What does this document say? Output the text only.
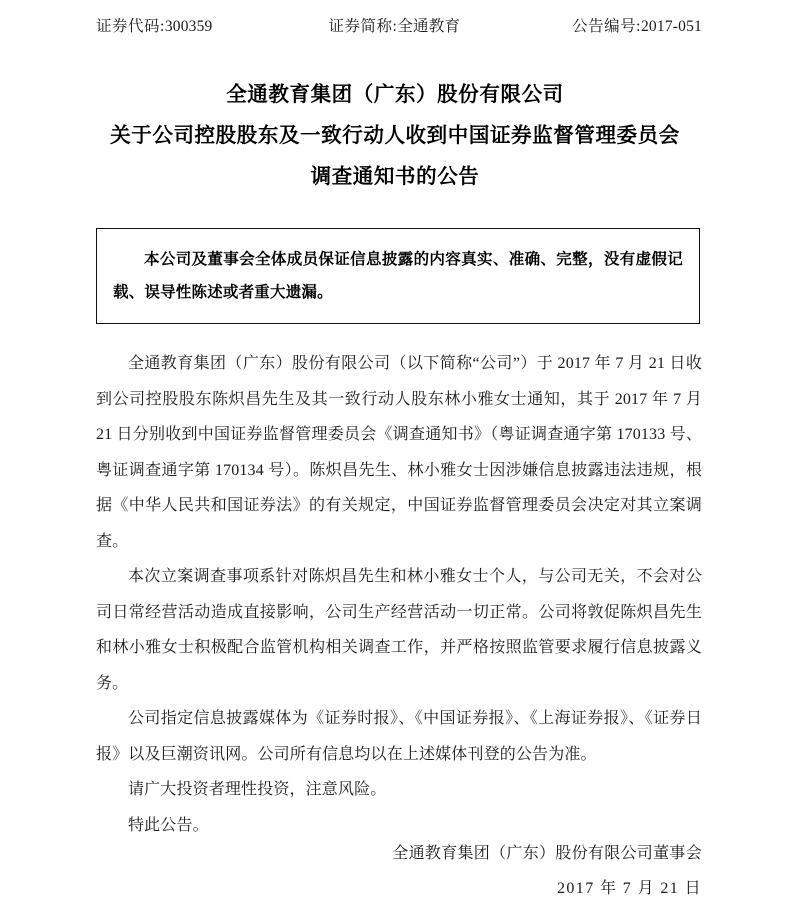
证券代码:300359	证券简称:全通教育	公告编号:2017-051
全通教育集团（广东）股份有限公司
关于公司控股股东及一致行动人收到中国证券监督管理委员会
调查通知书的公告

本公司及董事会全体成员保证信息披露的内容真实、准确、完整，没有虚假记载、误导性陈述或者重大遗漏。

全通教育集团（广东）股份有限公司（以下简称“公司”）于 2017 年 7 月 21 日收到公司控股股东陈炽昌先生及其一致行动人股东林小雅女士通知，其于 2017 年 7 月 21 日分别收到中国证券监督管理委员会《调查通知书》（粤证调查通字第 170133 号、粤证调查通字第 170134 号）。陈炽昌先生、林小雅女士因涉嫌信息披露违法违规，根据《中华人民共和国证券法》的有关规定，中国证券监督管理委员会决定对其立案调查。

本次立案调查事项系针对陈炽昌先生和林小雅女士个人，与公司无关，不会对公司日常经营活动造成直接影响，公司生产经营活动一切正常。公司将敦促陈炽昌先生和林小雅女士积极配合监管机构相关调查工作，并严格按照监管要求履行信息披露义务。

公司指定信息披露媒体为《证券时报》、《中国证券报》、《上海证券报》、《证券日报》以及巨潮资讯网。公司所有信息均以在上述媒体刊登的公告为准。

请广大投资者理性投资，注意风险。

特此公告。

全通教育集团（广东）股份有限公司董事会
2017 年 7 月 21 日
